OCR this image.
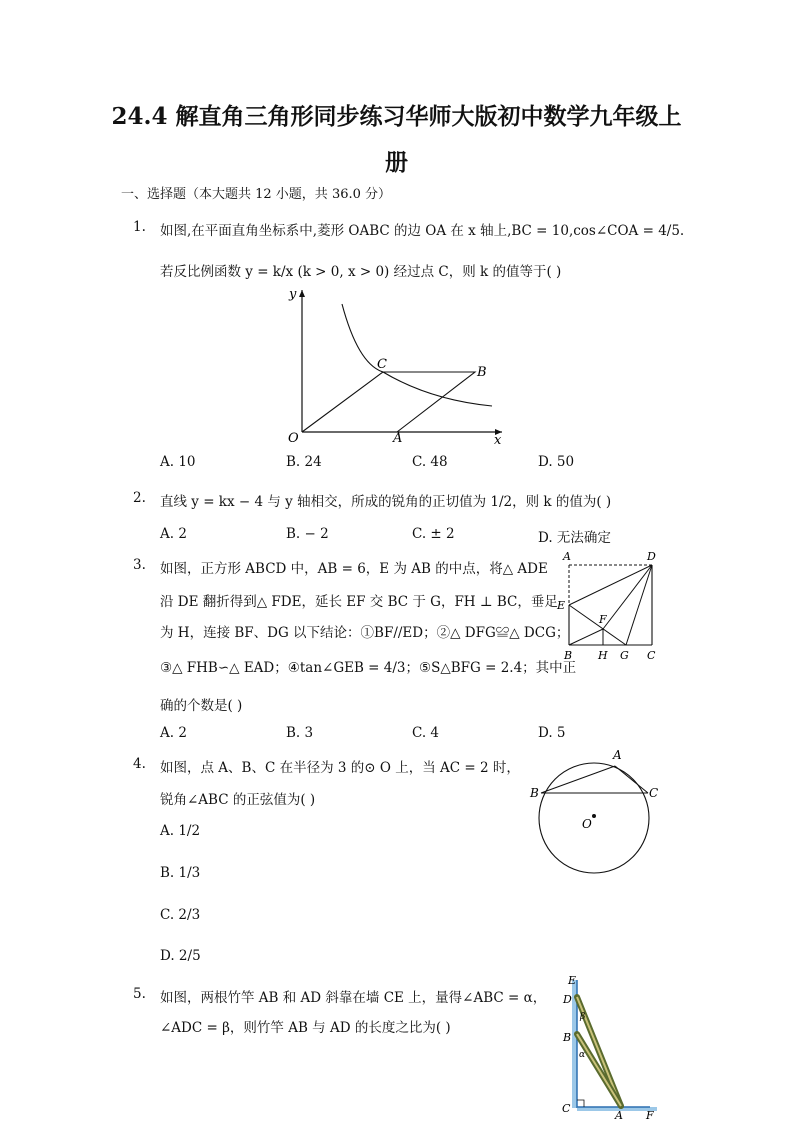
24.4 解直角三角形同步练习华师大版初中数学九年级上
册
一、选择题（本大题共 12 小题，共 36.0 分）
1. 如图,在平面直角坐标系中,菱形 OABC 的边 OA 在 x 轴上,BC = 10,cos∠COA = 4/5.
若反比例函数 y = k/x (k > 0, x > 0) 经过点 C，则 k 的值等于( )
y
x
O	A
B
C
A. 10	B. 24	C. 48	D. 50
2. 直线 y = kx − 4 与 y 轴相交，所成的锐角的正切值为 1/2，则 k 的值为( )
A. 2	B. − 2	C. ± 2	D. 无法确定
3. 如图，正方形 ABCD 中，AB = 6，E 为 AB 的中点，将△ ADE
沿 DE 翻折得到△ FDE，延长 EF 交 BC 于 G，FH ⊥ BC，垂足
为 H，连接 BF、DG 以下结论：①BF//ED；②△ DFG≌△ DCG；
③△ FHB∽△ EAD；④tan∠GEB = 4/3；⑤S△BFG = 2.4；其中正
确的个数是( )
A	D
E
F
B H G C
A. 2	B. 3	C. 4	D. 5
4. 如图，点 A、B、C 在半径为 3 的⊙ O 上，当 AC = 2 时，
锐角∠ABC 的正弦值为( )
A
B	C
O
A. 1/2
B. 1/3
C. 2/3
D. 2/5
5. 如图，两根竹竿 AB 和 AD 斜靠在墙 CE 上，量得∠ABC = α，
∠ADC = β，则竹竿 AB 与 AD 的长度之比为( )
E
D
B
C
A F
β
α
